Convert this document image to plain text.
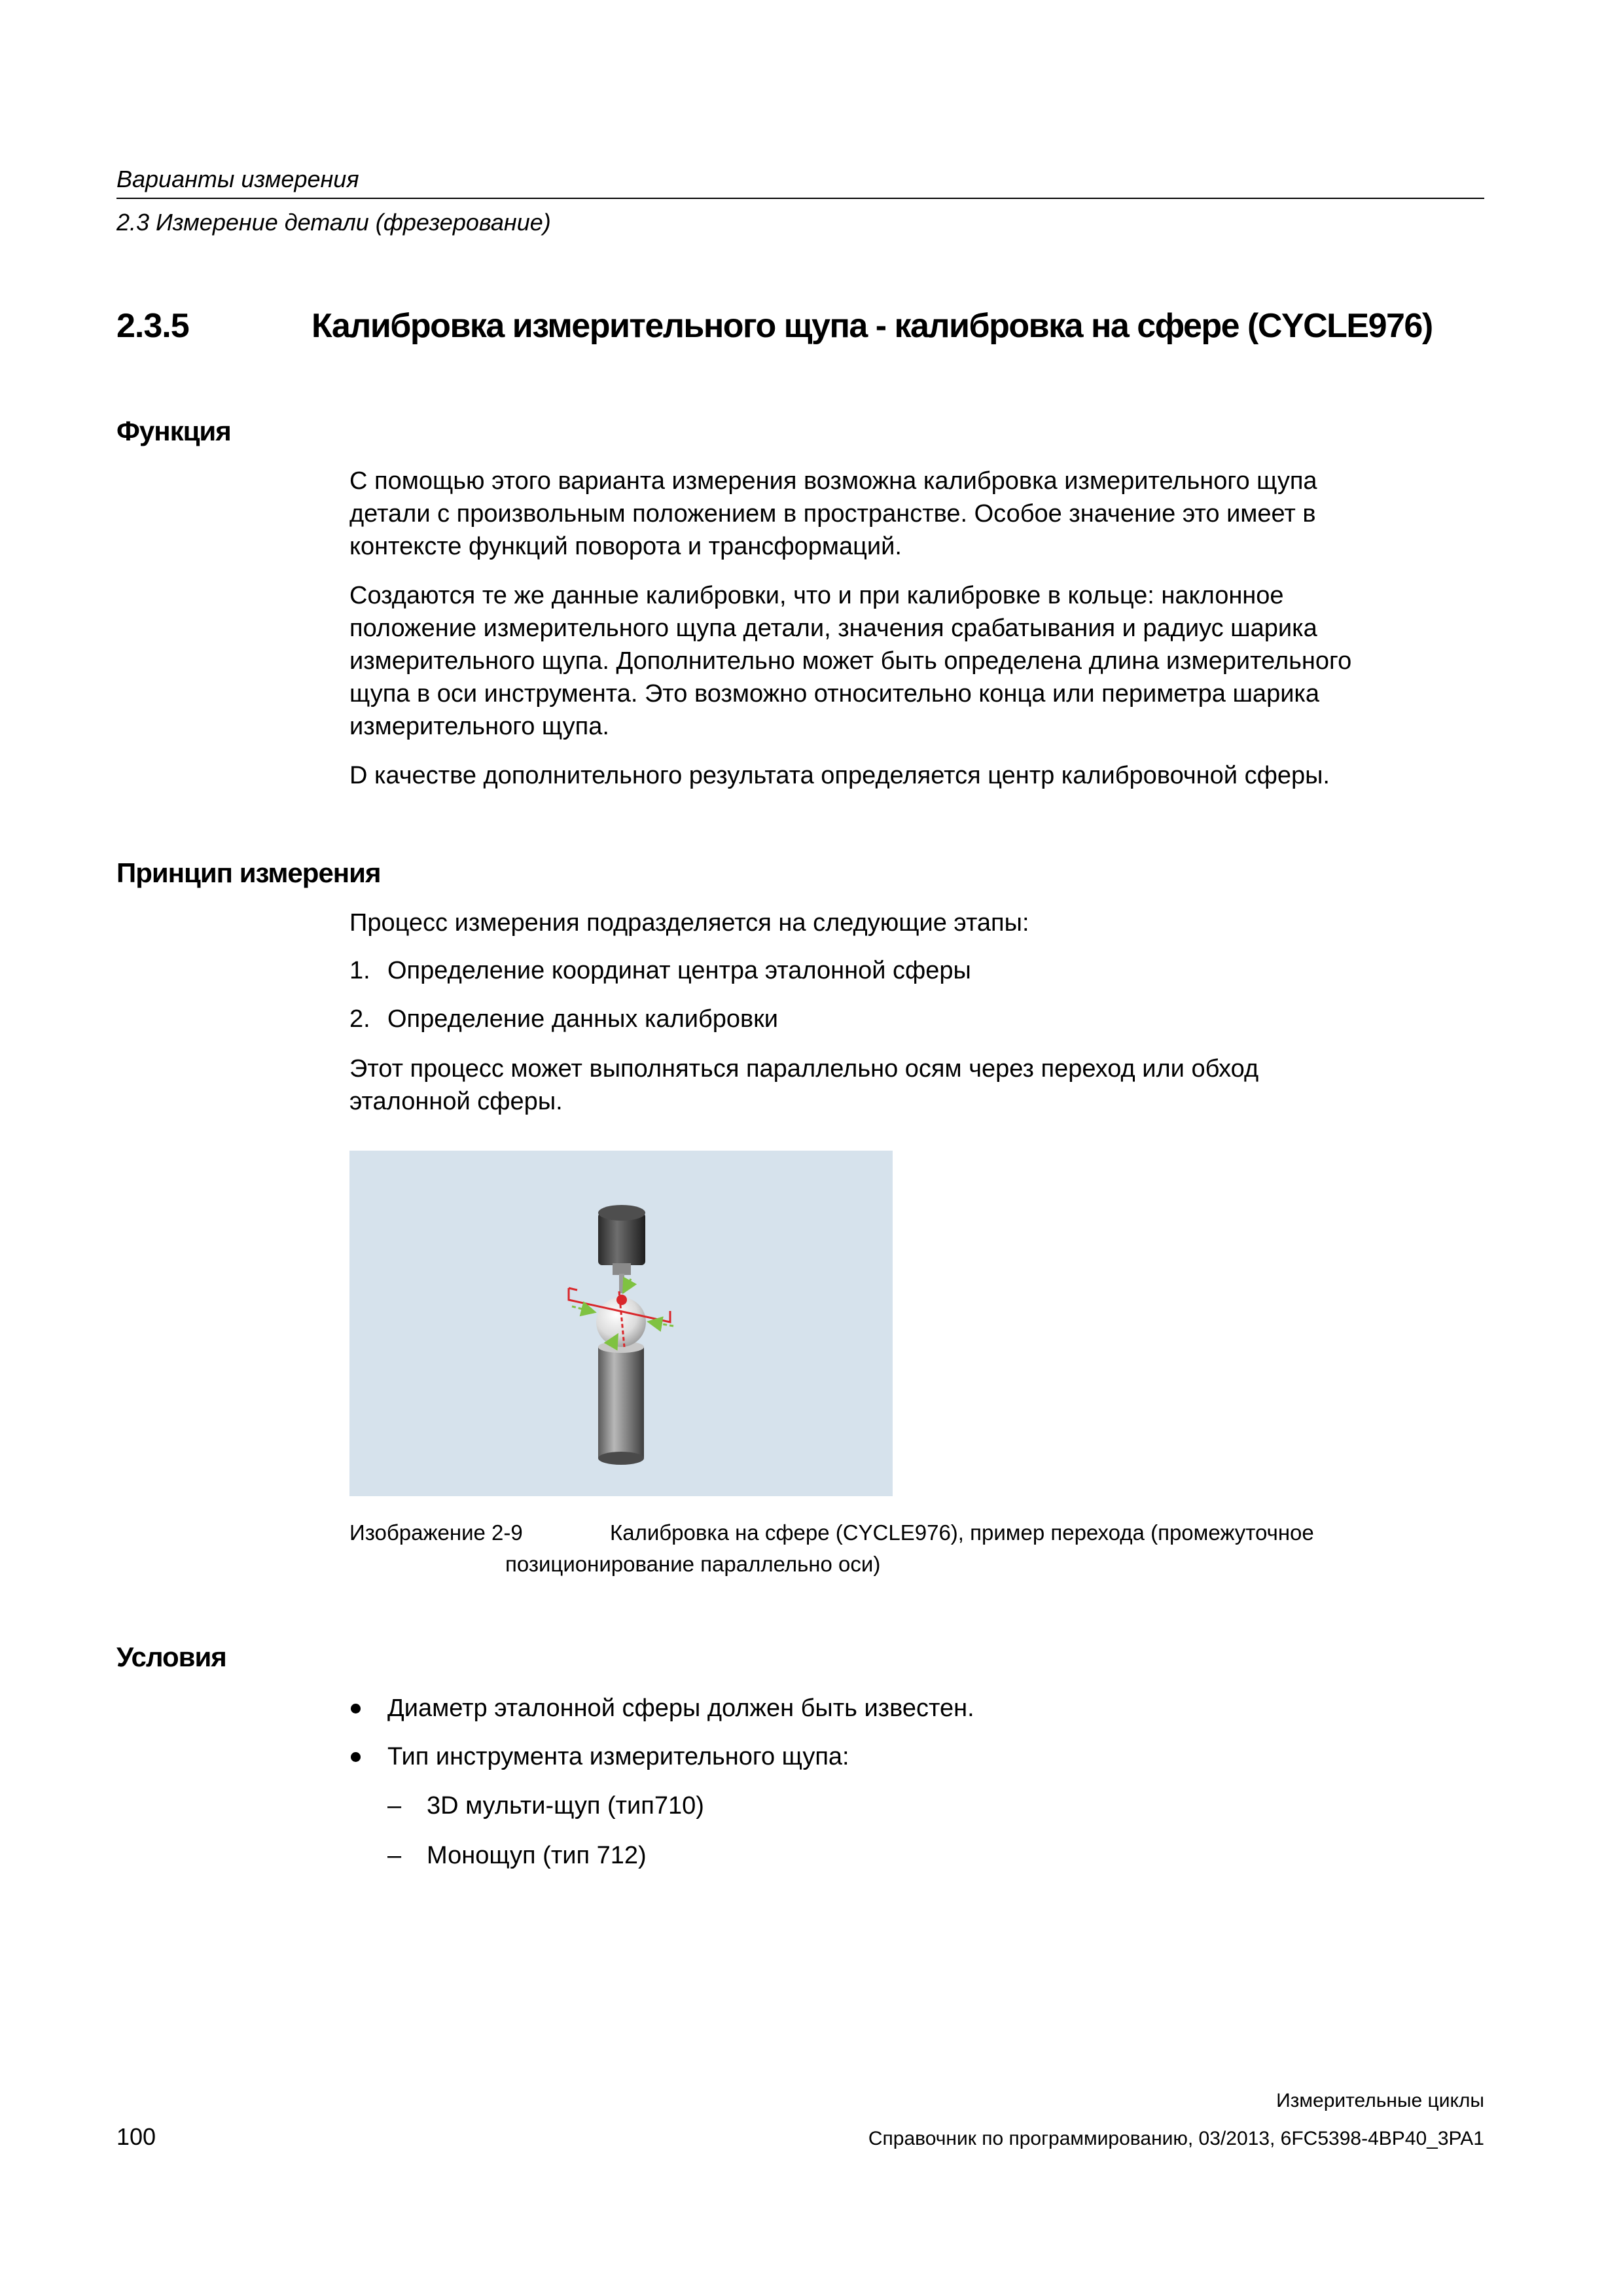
Варианты измерения
2.3 Измерение детали (фрезерование)
2.3.5	Калибровка измерительного щупа - калибровка на сфере (CYCLE976)
Функция
С помощью этого варианта измерения возможна калибровка измерительного щупа
детали с произвольным положением в пространстве. Особое значение это имеет в
контексте функций поворота и трансформаций.
Создаются те же данные калибровки, что и при калибровке в кольце: наклонное
положение измерительного щупа детали, значения срабатывания и радиус шарика
измерительного щупа. Дополнительно может быть определена длина измерительного
щупа в оси инструмента. Это возможно относительно конца или периметра шарика
измерительного щупа.
D качестве дополнительного результата определяется центр калибровочной сферы.
Принцип измерения
Процесс измерения подразделяется на следующие этапы:
1. Определение координат центра эталонной сферы
2. Определение данных калибровки
Этот процесс может выполняться параллельно осям через переход или обход
эталонной сферы.
Изображение 2-9	Калибровка на сфере (CYCLE976), пример перехода (промежуточное
позиционирование параллельно оси)
Условия
Диаметр эталонной сферы должен быть известен.
Тип инструмента измерительного щупа:
– 3D мульти-щуп (тип710)
– Монощуп (тип 712)
Измерительные циклы
100	Справочник по программированию, 03/2013, 6FC5398-4BP40_3PA1
